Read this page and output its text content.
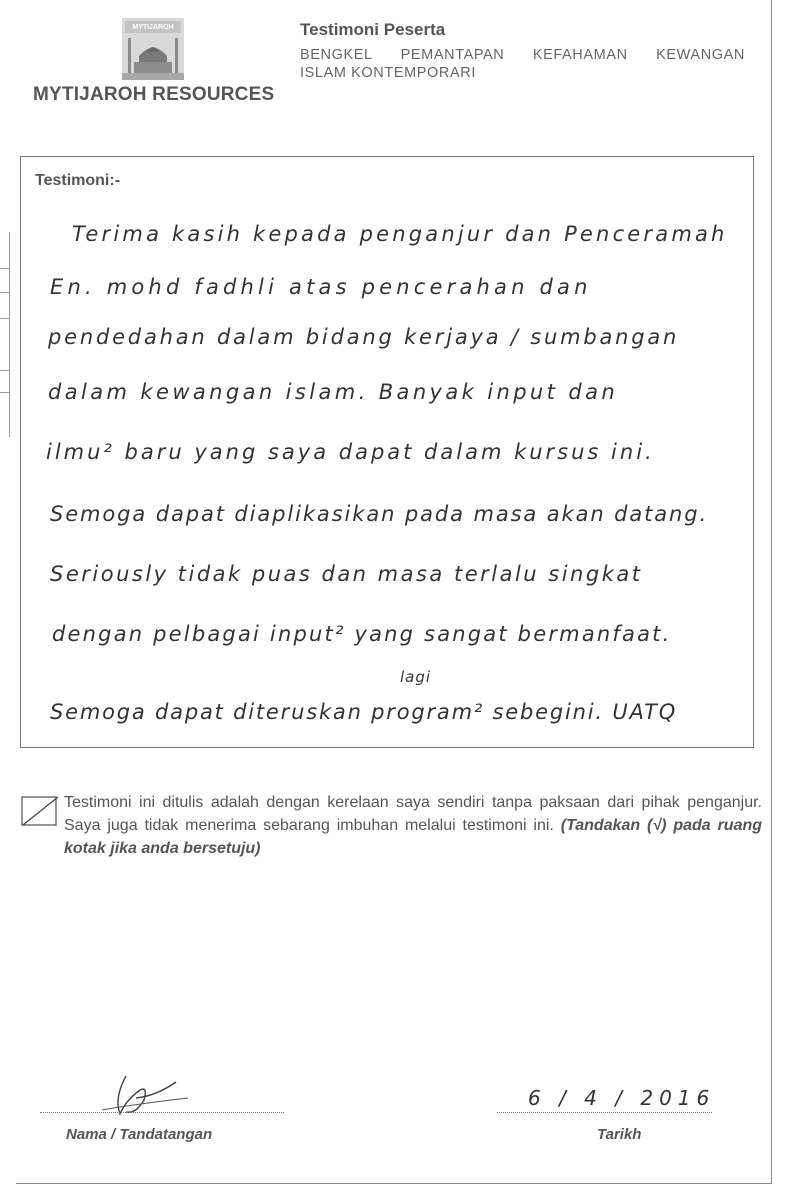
MYTIJAROH
MYTIJAROH RESOURCES
Testimoni Peserta
BENGKEL PEMANTAPAN KEFAHAMAN KEWANGAN
ISLAM KONTEMPORARI
Testimoni:-
Terima kasih kepada penganjur dan Penceramah
En. mohd fadhli atas pencerahan dan
pendedahan dalam bidang kerjaya / sumbangan
dalam kewangan islam. Banyak input dan
ilmu² baru yang saya dapat dalam kursus ini.
Semoga dapat diaplikasikan pada masa akan datang.
Seriously tidak puas dan masa terlalu singkat
dengan pelbagai input² yang sangat bermanfaat.
lagi
Semoga dapat diteruskan program² sebegini. UATQ
Testimoni ini ditulis adalah dengan kerelaan saya sendiri tanpa paksaan dari pihak penganjur. Saya juga tidak menerima sebarang imbuhan melalui testimoni ini. (Tandakan (√) pada ruang kotak jika anda bersetuju)
Nama / Tandatangan
6 / 4 / 2016
Tarikh
